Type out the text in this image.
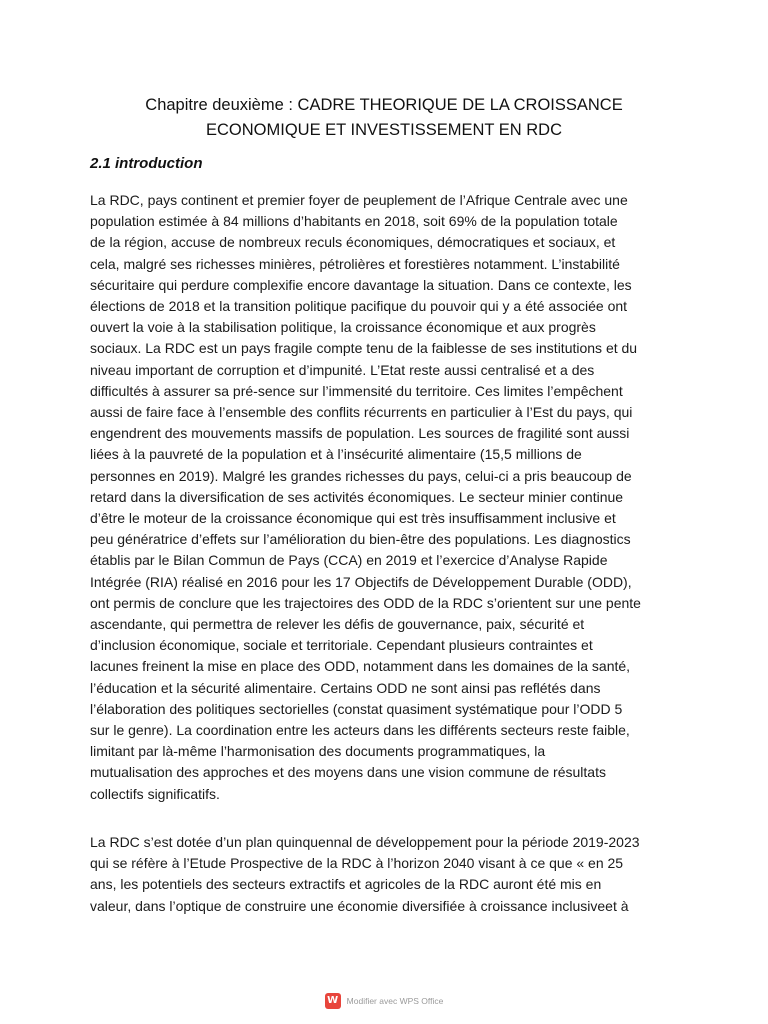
Chapitre deuxième : CADRE THEORIQUE DE LA CROISSANCE
ECONOMIQUE ET INVESTISSEMENT EN RDC
2.1 introduction
La RDC, pays continent et premier foyer de peuplement de l’Afrique Centrale avec une
population estimée à 84 millions d’habitants en 2018, soit 69% de la population totale
de la région, accuse de nombreux reculs économiques, démocratiques et sociaux, et
cela, malgré ses richesses minières, pétrolières et forestières notamment. L’instabilité
sécuritaire qui perdure complexifie encore davantage la situation. Dans ce contexte, les
élections de 2018 et la transition politique pacifique du pouvoir qui y a été associée ont
ouvert la voie à la stabilisation politique, la croissance économique et aux progrès
sociaux. La RDC est un pays fragile compte tenu de la faiblesse de ses institutions et du
niveau important de corruption et d’impunité. L’Etat reste aussi centralisé et a des
difficultés à assurer sa pré-sence sur l’immensité du territoire. Ces limites l’empêchent
aussi de faire face à l’ensemble des conflits récurrents en particulier à l’Est du pays, qui
engendrent des mouvements massifs de population. Les sources de fragilité sont aussi
liées à la pauvreté de la population et à l’insécurité alimentaire (15,5 millions de
personnes en 2019). Malgré les grandes richesses du pays, celui-ci a pris beaucoup de
retard dans la diversification de ses activités économiques. Le secteur minier continue
d’être le moteur de la croissance économique qui est très insuffisamment inclusive et
peu génératrice d’effets sur l’amélioration du bien-être des populations. Les diagnostics
établis par le Bilan Commun de Pays (CCA) en 2019 et l’exercice d’Analyse Rapide
Intégrée (RIA) réalisé en 2016 pour les 17 Objectifs de Développement Durable (ODD),
ont permis de conclure que les trajectoires des ODD de la RDC s’orientent sur une pente
ascendante, qui permettra de relever les défis de gouvernance, paix, sécurité et
d’inclusion économique, sociale et territoriale. Cependant plusieurs contraintes et
lacunes freinent la mise en place des ODD, notamment dans les domaines de la santé,
l’éducation et la sécurité alimentaire. Certains ODD ne sont ainsi pas reflétés dans
l’élaboration des politiques sectorielles (constat quasiment systématique pour l’ODD 5
sur le genre). La coordination entre les acteurs dans les différents secteurs reste faible,
limitant par là-même l’harmonisation des documents programmatiques, la
mutualisation des approches et des moyens dans une vision commune de résultats
collectifs significatifs.
La RDC s’est dotée d’un plan quinquennal de développement pour la période 2019-2023
qui se réfère à l’Etude Prospective de la RDC à l’horizon 2040 visant à ce que « en 25
ans, les potentiels des secteurs extractifs et agricoles de la RDC auront été mis en
valeur, dans l’optique de construire une économie diversifiée à croissance inclusiveet à
W Modifier avec WPS Office
